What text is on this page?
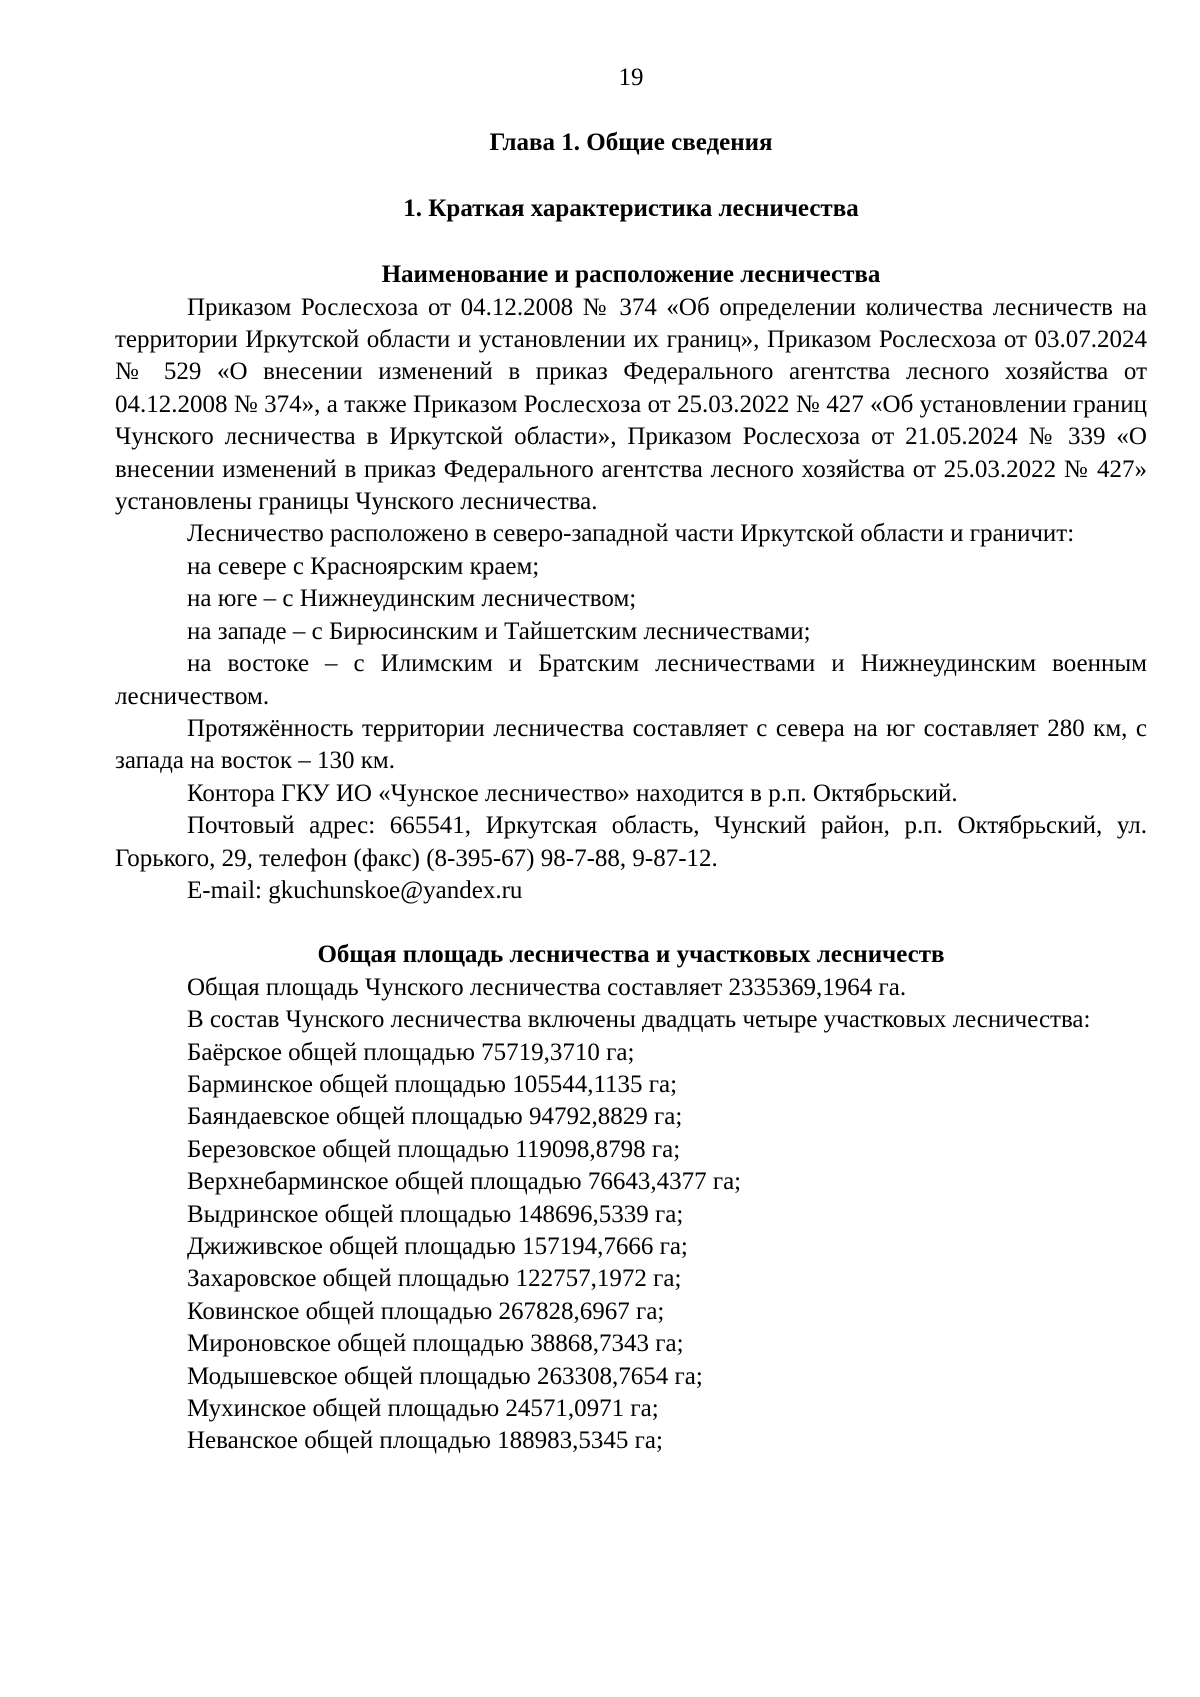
19
Глава 1. Общие сведения
1. Краткая характеристика лесничества
Наименование и расположение лесничества

Приказом Рослесхоза от 04.12.2008 № 374 «Об определении количества лесничеств на территории Иркутской области и установлении их границ», Приказом Рослесхоза от 03.07.2024 № 529 «О внесении изменений в приказ Федерального агентства лесного хозяйства от 04.12.2008 № 374», а также Приказом Рослесхоза от 25.03.2022 № 427 «Об установлении границ Чунского лесничества в Иркутской области», Приказом Рослесхоза от 21.05.2024 № 339 «О внесении изменений в приказ Федерального агентства лесного хозяйства от 25.03.2022 № 427» установлены границы Чунского лесничества.

Лесничество расположено в северо-западной части Иркутской области и граничит:

на севере с Красноярским краем;

на юге – с Нижнеудинским лесничеством;

на западе – с Бирюсинским и Тайшетским лесничествами;

на востоке – с Илимским и Братским лесничествами и Нижнеудинским военным лесничеством.

Протяжённость территории лесничества составляет с севера на юг составляет 280 км, с запада на восток – 130 км.

Контора ГКУ ИО «Чунское лесничество» находится в р.п. Октябрьский.

Почтовый адрес: 665541, Иркутская область, Чунский район, р.п. Октябрьский, ул. Горького, 29, телефон (факс) (8-395-67) 98-7-88, 9-87-12.

E-mail: gkuchunskoe@yandex.ru

Общая площадь лесничества и участковых лесничеств

Общая площадь Чунского лесничества составляет 2335369,1964 га.

В состав Чунского лесничества включены двадцать четыре участковых лесничества:

Баёрское общей площадью 75719,3710 га;

Барминское общей площадью 105544,1135 га;

Баяндаевское общей площадью 94792,8829 га;

Березовское общей площадью 119098,8798 га;

Верхнебарминское общей площадью 76643,4377 га;

Выдринское общей площадью 148696,5339 га;

Джиживское общей площадью 157194,7666 га;

Захаровское общей площадью 122757,1972 га;

Ковинское общей площадью 267828,6967 га;

Мироновское общей площадью 38868,7343 га;

Модышевское общей площадью 263308,7654 га;

Мухинское общей площадью 24571,0971 га;

Неванское общей площадью 188983,5345 га;
